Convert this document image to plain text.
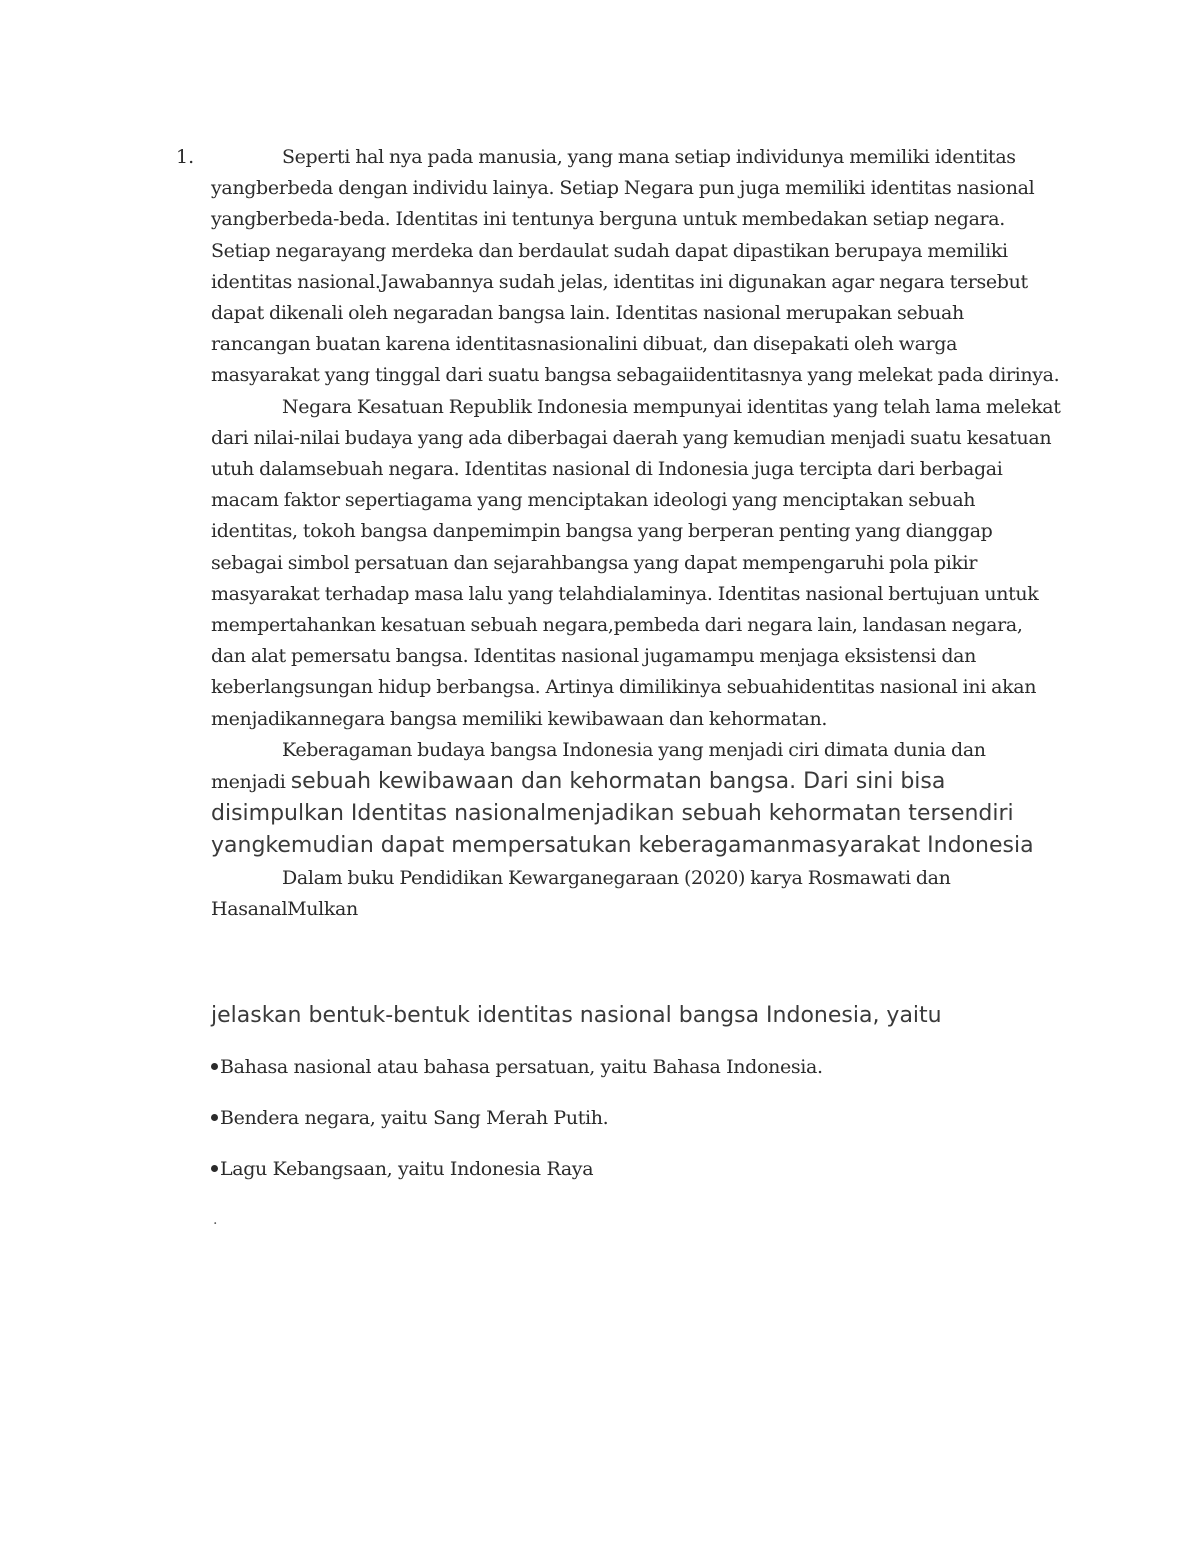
1.	Seperti hal nya pada manusia, yang mana setiap individunya memiliki identitas yangberbeda dengan individu lainya. Setiap Negara pun juga memiliki identitas nasional yangberbeda-beda. Identitas ini tentunya berguna untuk membedakan setiap negara. Setiap negarayang merdeka dan berdaulat sudah dapat dipastikan berupaya memiliki identitas nasional.Jawabannya sudah jelas, identitas ini digunakan agar negara tersebut dapat dikenali oleh negaradan bangsa lain. Identitas nasional merupakan sebuah rancangan buatan karena identitasnasionalini dibuat, dan disepakati oleh warga masyarakat yang tinggal dari suatu bangsa sebagaiidentitasnya yang melekat pada dirinya.

Negara Kesatuan Republik Indonesia mempunyai identitas yang telah lama melekat dari nilai-nilai budaya yang ada diberbagai daerah yang kemudian menjadi suatu kesatuan utuh dalamsebuah negara. Identitas nasional di Indonesia juga tercipta dari berbagai macam faktor sepertiagama yang menciptakan ideologi yang menciptakan sebuah identitas, tokoh bangsa danpemimpin bangsa yang berperan penting yang dianggap sebagai simbol persatuan dan sejarahbangsa yang dapat mempengaruhi pola pikir masyarakat terhadap masa lalu yang telahdialaminya. Identitas nasional bertujuan untuk mempertahankan kesatuan sebuah negara,pembeda dari negara lain, landasan negara, dan alat pemersatu bangsa. Identitas nasional jugamampu menjaga eksistensi dan keberlangsungan hidup berbangsa. Artinya dimilikinya sebuahidentitas nasional ini akan menjadikannegara bangsa memiliki kewibawaan dan kehormatan.

Keberagaman budaya bangsa Indonesia yang menjadi ciri dimata dunia dan menjadi sebuah kewibawaan dan kehormatan bangsa. Dari sini bisa disimpulkan Identitas nasionalmenjadikan sebuah kehormatan tersendiri yangkemudian dapat mempersatukan keberagamanmasyarakat Indonesia

Dalam buku Pendidikan Kewarganegaraan (2020) karya Rosmawati dan HasanalMulkan

jelaskan bentuk-bentuk identitas nasional bangsa Indonesia, yaitu
Bahasa nasional atau bahasa persatuan, yaitu Bahasa Indonesia.
Bendera negara, yaitu Sang Merah Putih.
Lagu Kebangsaan, yaitu Indonesia Raya
.
